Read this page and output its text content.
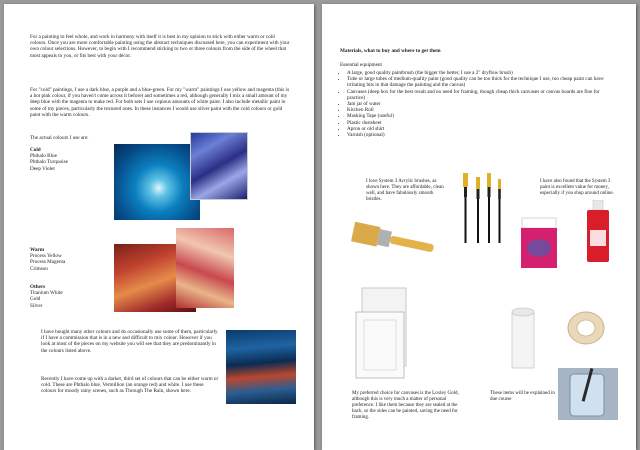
For a painting to feel whole, and work in harmony with itself it is best in my opinion to stick with either warm or cold colours. Once you are more comfortable painting using the abstract techniques discussed here, you can experiment with your own colour selections. However, to begin with I recommend sticking to two or three colours from the side of the wheel that most appeals to you, or fits best with your décor.

For "cold" paintings, I use a dark blue, a purple and a blue-green. For my "warm" paintings I use yellow and magenta (this is a hot pink colour, if you haven't come across it before) and sometimes a red, although generally I mix a small amount of my deep blue with the magenta to make red. For both sets I use copious amounts of white paint. I also include metallic paint in some of my pieces, particularly the textured ones. In these instances I would use silver paint with the cold colours or gold paint with the warm colours.

The actual colours I use are:

Cold
Phthalo Blue
Phthalo Turquoise
Deep Violet
Warm
Process Yellow
Process Magenta
Crimson
Others
Titanium White
Gold
Silver

I have bought many other colours and do occasionally use some of them, particularly if I have a commission that is in a new and difficult to mix colour. However if you look at most of the pieces on my website you will see that they are predominantly in the colours listed above.

Recently I have come up with a darker, third set of colours that can be either warm or cold. These are Phthalo blue, Vermillion (an orange red) and white. I use these colours for moody rainy scenes, such as Through The Rain, shown here.

Materials, what to buy and where to get them

Essential equipment

• A large, good quality paintbrush (the bigger the better, I use a 2" dryflow brush)
• Tube or large tubes of medium-quality paint (good quality can be too thick for the technique I use, too cheap paint can have irritating bits in that damage the painting and the canvas)
• Canvases (deep box for the best result and no need for framing, though cheap thick canvases or canvas boards are fine for practice)
• Jam jar of water
• Kitchen Roll
• Masking Tape (useful)
• Plastic dustsheet
• Apron or old shirt
• Varnish (optional)

I love System 3 Acrylic brushes, as shown here. They are affordable, clean well, and have fabulously smooth bristles.

I have also found that the System 3 paint is excellent value for money, especially if you shop around online.

My preferred choice for canvases is the Loxley Gold, although this is very much a matter of personal preference. I like them because they are sealed at the back, so the sides can be painted, saving the need for framing.

These items will be explained in due course
